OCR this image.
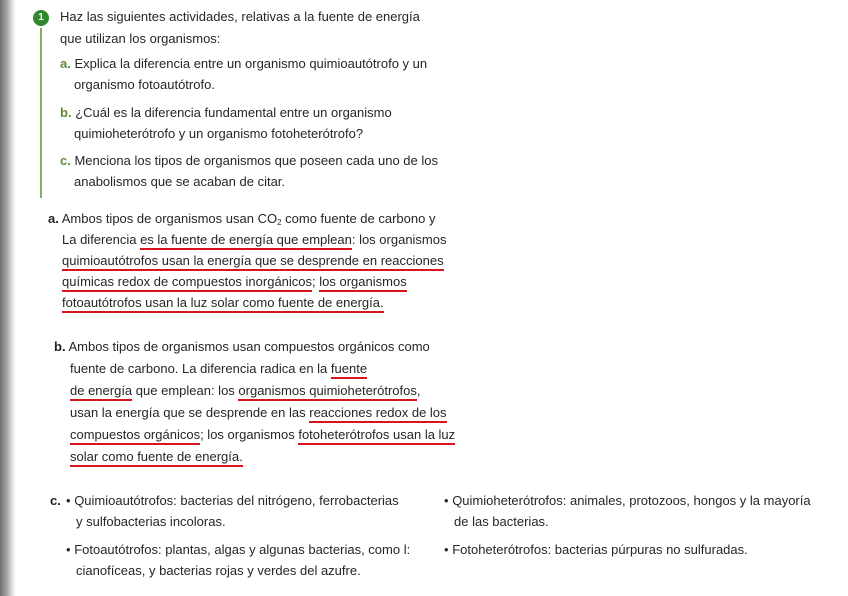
1	Haz las siguientes actividades, relativas a la fuente de energía
que utilizan los organismos:
a. Explica la diferencia entre un organismo quimioautótrofo y un
organismo fotoautótrofo.
b. ¿Cuál es la diferencia fundamental entre un organismo
quimioheterótrofo y un organismo fotoheterótrofo?
c. Menciona los tipos de organismos que poseen cada uno de los
anabolismos que se acaban de citar.
a. Ambos tipos de organismos usan $CO_2$ como fuente de carbono y
La diferencia es la fuente de energía que emplean: los organismos
quimioautótrofos usan la energía que se desprende en reacciones
químicas redox de compuestos inorgánicos; los organismos
fotoautótrofos usan la luz solar como fuente de energía.
b. Ambos tipos de organismos usan compuestos orgánicos como
fuente de carbono. La diferencia radica en la fuente
de energía que emplean: los organismos quimioheterótrofos,
usan la energía que se desprende en las reacciones redox de los
compuestos orgánicos; los organismos fotoheterótrofos usan la luz
solar como fuente de energía.
c. • Quimioautótrofos: bacterias del nitrógeno, ferrobacterias
y sulfobacterias incoloras.
• Fotoautótrofos: plantas, algas y algunas bacterias, como l:
cianofíceas, y bacterias rojas y verdes del azufre.
• Quimioheterótrofos: animales, protozoos, hongos y la mayoría
de las bacterias.
• Fotoheterótrofos: bacterias púrpuras no sulfuradas.
